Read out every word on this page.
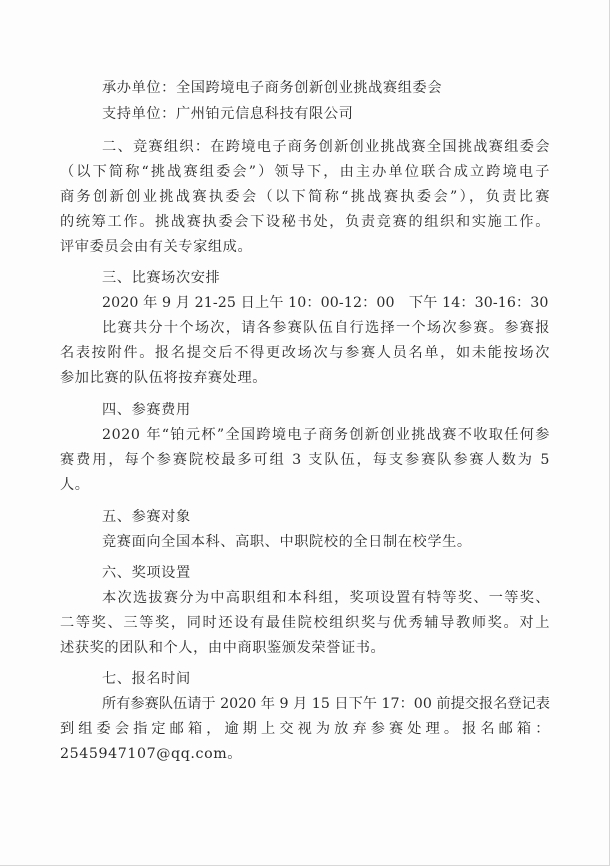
承办单位：全国跨境电子商务创新创业挑战赛组委会
支持单位：广州铂元信息科技有限公司
二、竞赛组织：在跨境电子商务创新创业挑战赛全国挑战赛组委会
（以下简称“挑战赛组委会”）领导下，由主办单位联合成立跨境电子
商务创新创业挑战赛执委会（以下简称“挑战赛执委会”），负责比赛
的统筹工作。挑战赛执委会下设秘书处，负责竞赛的组织和实施工作。
评审委员会由有关专家组成。
三、比赛场次安排
2020 年 9 月 21-25 日上午 10：00-12：00　下午 14：30-16：30
比赛共分十个场次，请各参赛队伍自行选择一个场次参赛。参赛报
名表按附件。报名提交后不得更改场次与参赛人员名单，如未能按场次
参加比赛的队伍将按弃赛处理。
四、参赛费用
2020 年“铂元杯”全国跨境电子商务创新创业挑战赛不收取任何参
赛费用，每个参赛院校最多可组 3 支队伍，每支参赛队参赛人数为 5
人。
五、参赛对象
竞赛面向全国本科、高职、中职院校的全日制在校学生。
六、奖项设置
本次选拔赛分为中高职组和本科组，奖项设置有特等奖、一等奖、
二等奖、三等奖，同时还设有最佳院校组织奖与优秀辅导教师奖。对上
述获奖的团队和个人，由中商职鉴颁发荣誉证书。
七、报名时间
所有参赛队伍请于 2020 年 9 月 15 日下午 17：00 前提交报名登记表
到组委会指定邮箱，逾期上交视为放弃参赛处理。报名邮箱：
2545947107@qq.com。
